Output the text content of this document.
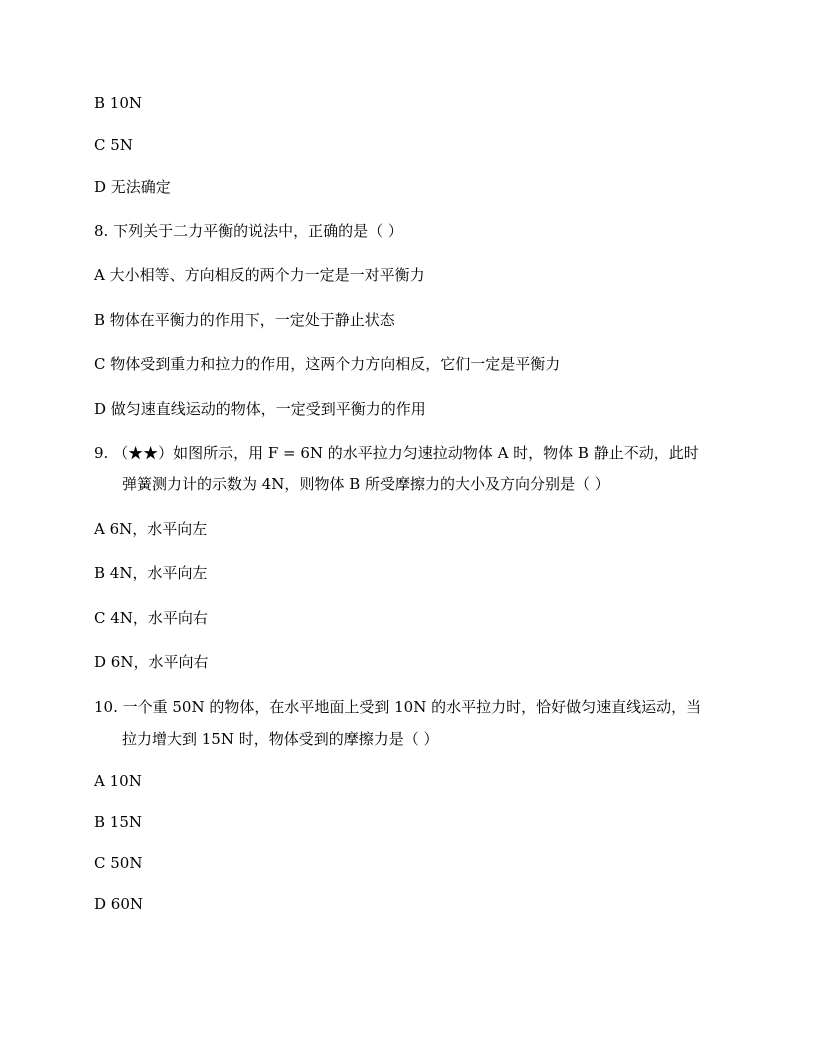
B 10N
C 5N
D 无法确定
8. 下列关于二力平衡的说法中，正确的是（ ）
A 大小相等、方向相反的两个力一定是一对平衡力
B 物体在平衡力的作用下，一定处于静止状态
C 物体受到重力和拉力的作用，这两个力方向相反，它们一定是平衡力
D 做匀速直线运动的物体，一定受到平衡力的作用
9. （★★）如图所示，用 F = 6N 的水平拉力匀速拉动物体 A 时，物体 B 静止不动，此时
弹簧测力计的示数为 4N，则物体 B 所受摩擦力的大小及方向分别是（ ）
A 6N，水平向左
B 4N，水平向左
C 4N，水平向右
D 6N，水平向右
10. 一个重 50N 的物体，在水平地面上受到 10N 的水平拉力时，恰好做匀速直线运动，当
拉力增大到 15N 时，物体受到的摩擦力是（ ）
A 10N
B 15N
C 50N
D 60N
